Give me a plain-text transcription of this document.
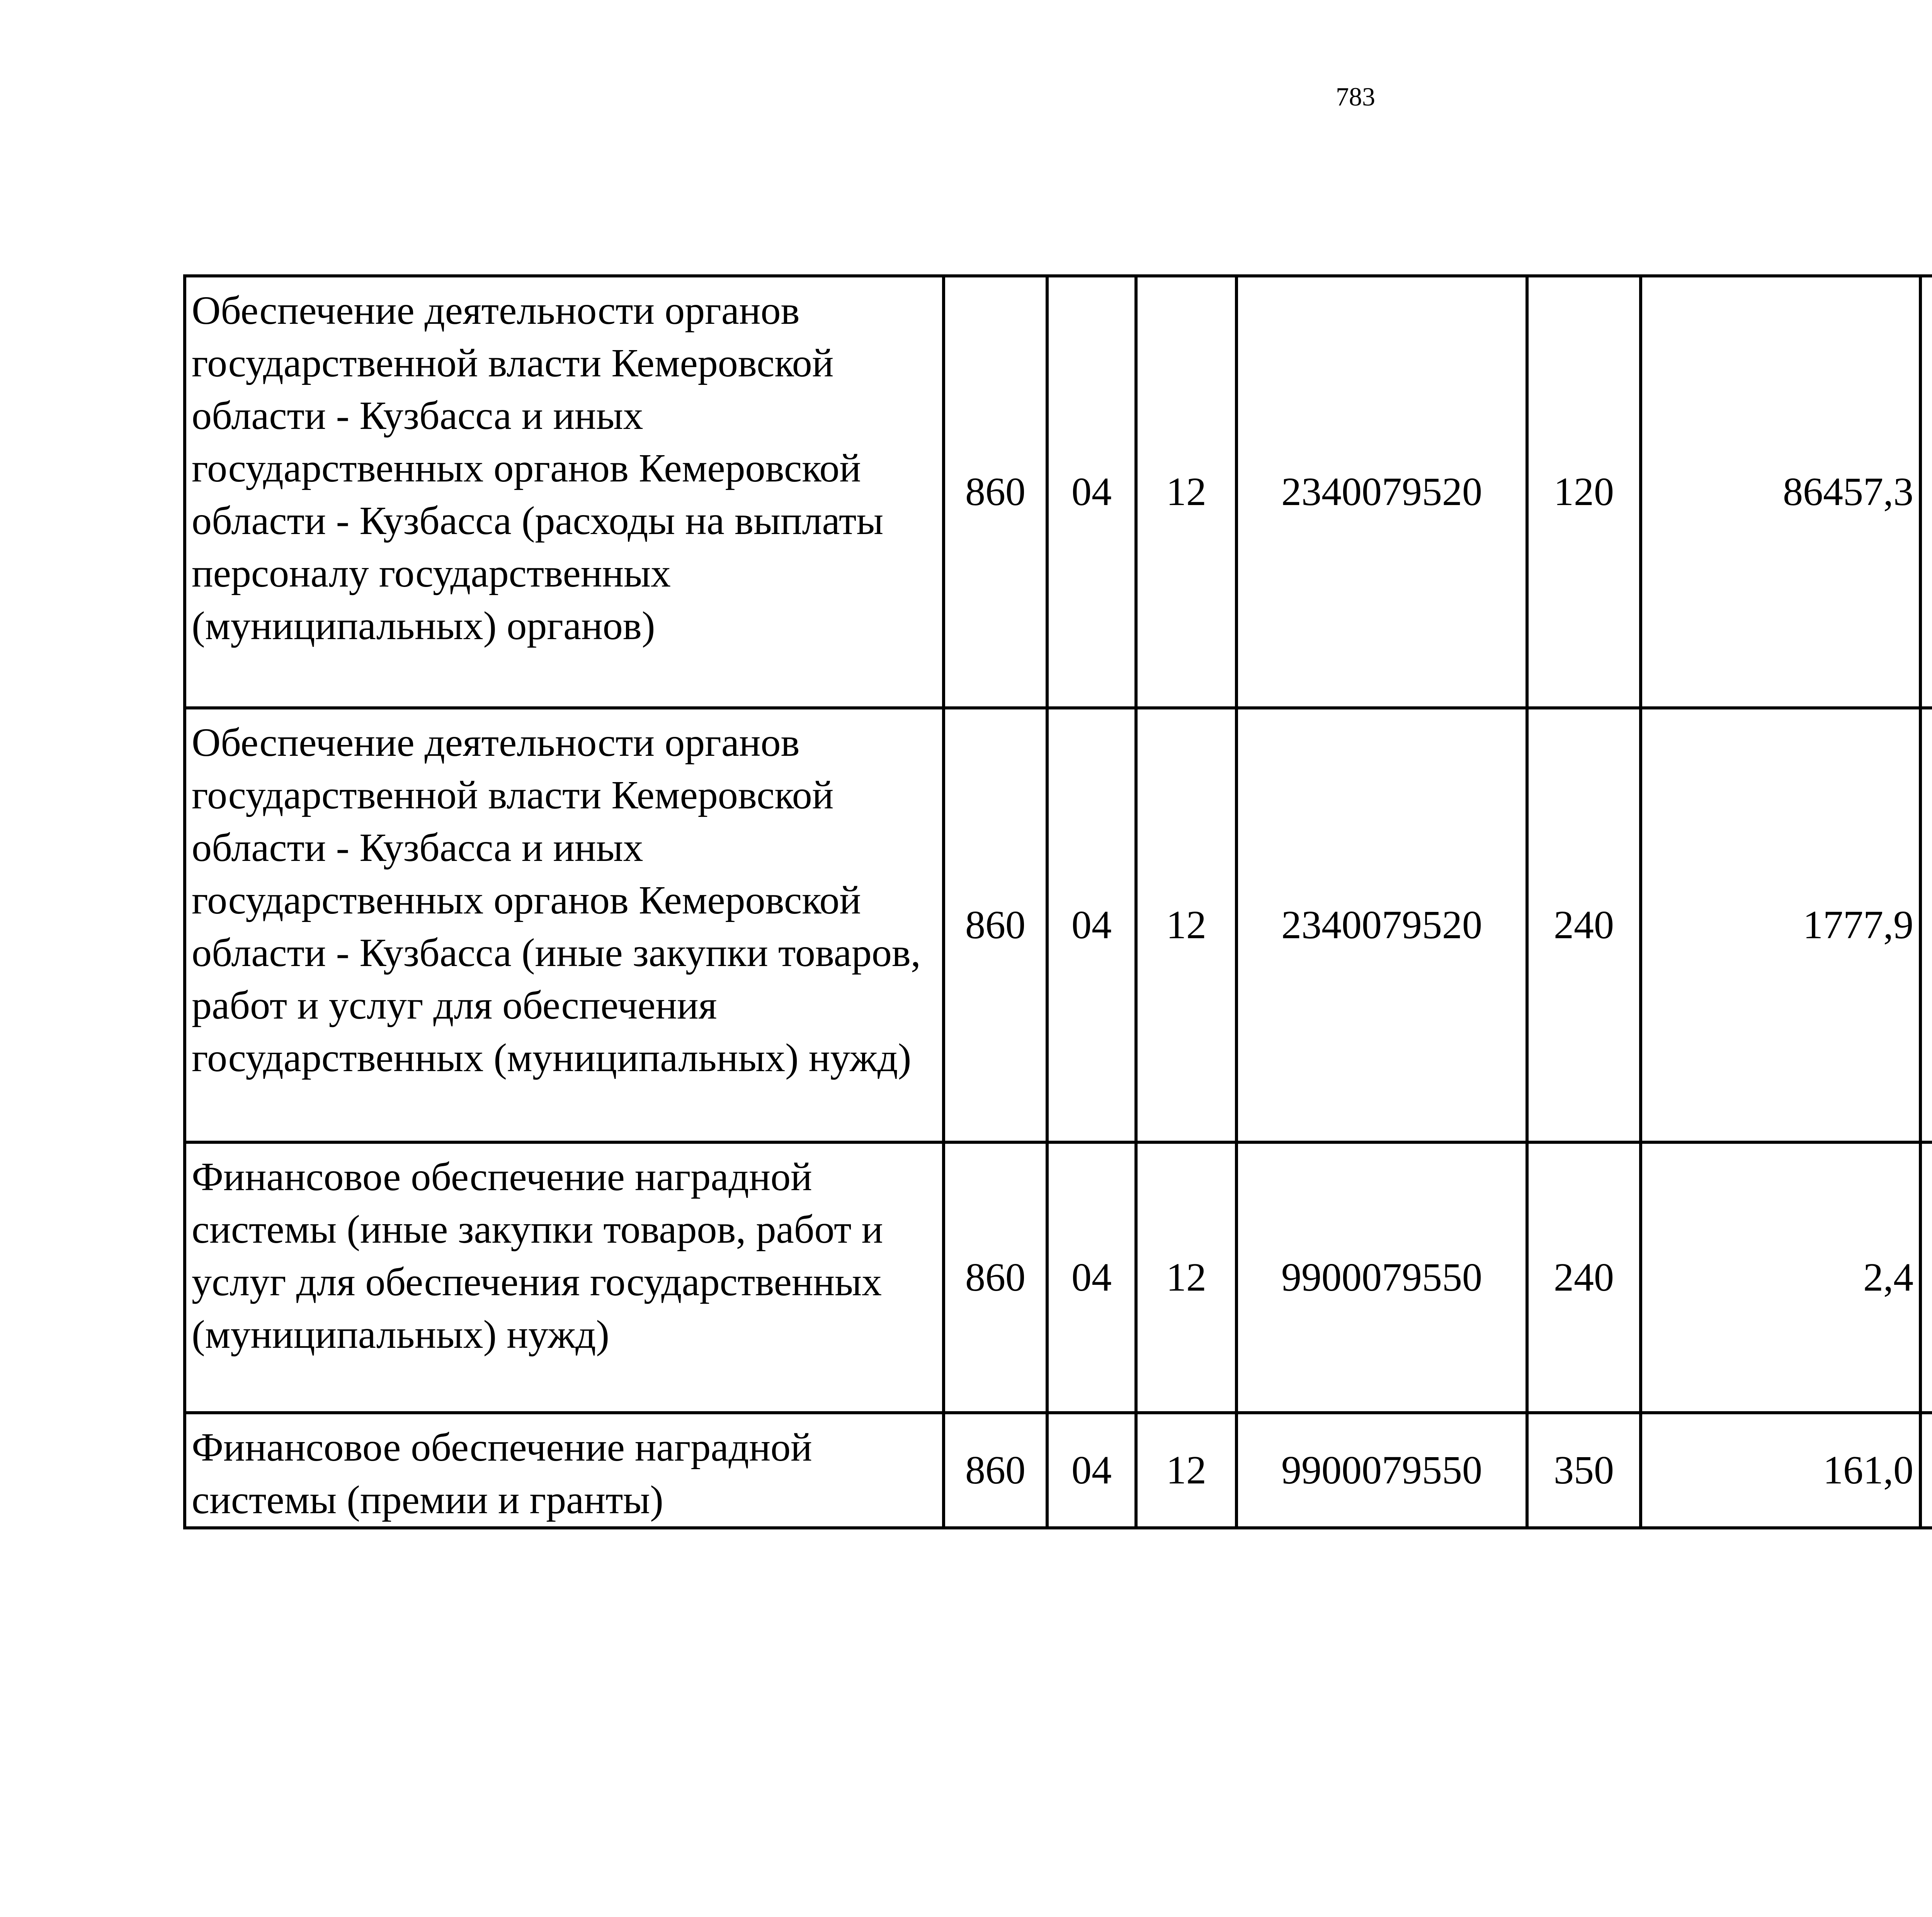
783
Обеспечение деятельности органов государственной власти Кемеровской области - Кузбасса и иных государственных органов Кемеровской области - Кузбасса (расходы на выплаты персоналу государственных (муниципальных) органов)	860	04	12	2340079520	120	86457,3		
Обеспечение деятельности органов государственной власти Кемеровской области - Кузбасса и иных государственных органов Кемеровской области - Кузбасса (иные закупки товаров, работ и услуг для обеспечения государственных (муниципальных) нужд)	860	04	12	2340079520	240	1777,9		
Финансовое обеспечение наградной системы (иные закупки товаров, работ и услуг для обеспечения государственных (муниципальных) нужд)	860	04	12	9900079550	240	2,4		
Финансовое обеспечение наградной системы (премии и гранты)	860	04	12	9900079550	350	161,0		
